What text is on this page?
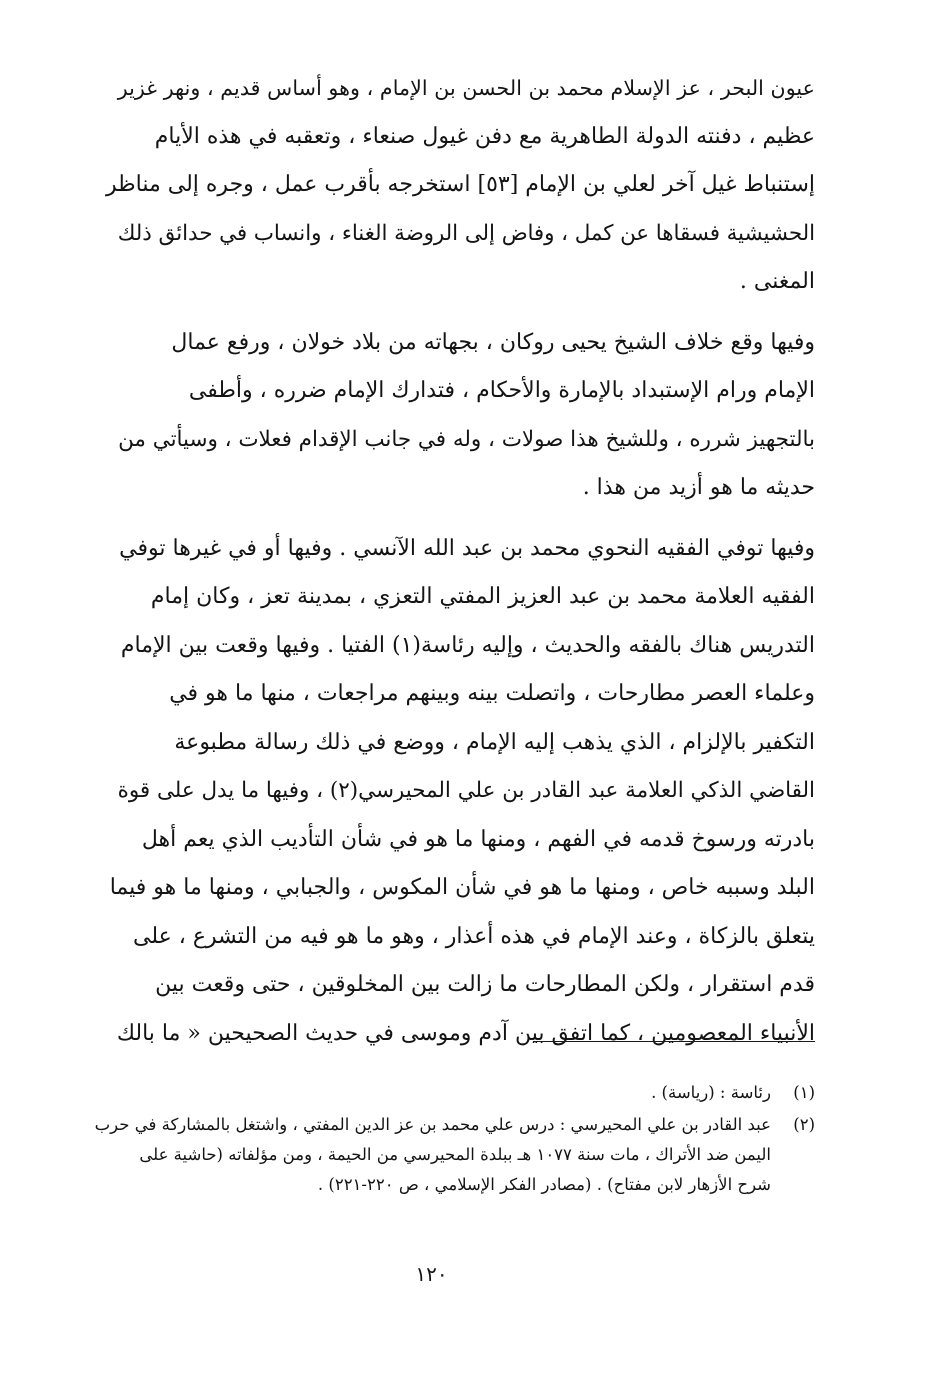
عيون البحر ، عز الإسلام محمد بن الحسن بن الإمام ، وهو أساس قديم ، ونهر غزير
عظيم ، دفنته الدولة الطاهرية مع دفن غيول صنعاء ، وتعقبه في هذه الأيام
إستنباط غيل آخر لعلي بن الإمام [٥٣] استخرجه بأقرب عمل ، وجره إلى مناظر
الحشيشية فسقاها عن كمل ، وفاض إلى الروضة الغناء ، وانساب في حدائق ذلك
المغنى .

وفيها وقع خلاف الشيخ يحيى روكان ، بجهاته من بلاد خولان ، ورفع عمال
الإمام ورام الإستبداد بالإمارة والأحكام ، فتدارك الإمام ضرره ، وأطفى
بالتجهيز شرره ، وللشيخ هذا صولات ، وله في جانب الإقدام فعلات ، وسيأتي من
حديثه ما هو أزيد من هذا .

وفيها توفي الفقيه النحوي محمد بن عبد الله الآنسي . وفيها أو في غيرها توفي
الفقيه العلامة محمد بن عبد العزيز المفتي التعزي ، بمدينة تعز ، وكان إمام
التدريس هناك بالفقه والحديث ، وإليه رئاسة(١) الفتيا . وفيها وقعت بين الإمام
وعلماء العصر مطارحات ، واتصلت بينه وبينهم مراجعات ، منها ما هو في
التكفير بالإلزام ، الذي يذهب إليه الإمام ، ووضع في ذلك رسالة مطبوعة
القاضي الذكي العلامة عبد القادر بن علي المحيرسي(٢) ، وفيها ما يدل على قوة
بادرته ورسوخ قدمه في الفهم ، ومنها ما هو في شأن التأديب الذي يعم أهل
البلد وسببه خاص ، ومنها ما هو في شأن المكوس ، والجبابي ، ومنها ما هو فيما
يتعلق بالزكاة ، وعند الإمام في هذه أعذار ، وهو ما هو فيه من التشرع ، على
قدم استقرار ، ولكن المطارحات ما زالت بين المخلوقين ، حتى وقعت بين
الأنبياء المعصومين ، كما اتفق بين آدم وموسى في حديث الصحيحين « ما بالك

(١)
رئاسة : (رياسة) .
(٢)
عبد القادر بن علي المحيرسي : درس علي محمد بن عز الدين المفتي ، واشتغل بالمشاركة في حرب
اليمن ضد الأتراك ، مات سنة ١٠٧٧ هـ ببلدة المحيرسي من الحيمة ، ومن مؤلفاته (حاشية على
شرح الأزهار لابن مفتاح) . (مصادر الفكر الإسلامي ، ص ٢٢٠-٢٢١) .
١٢٠
